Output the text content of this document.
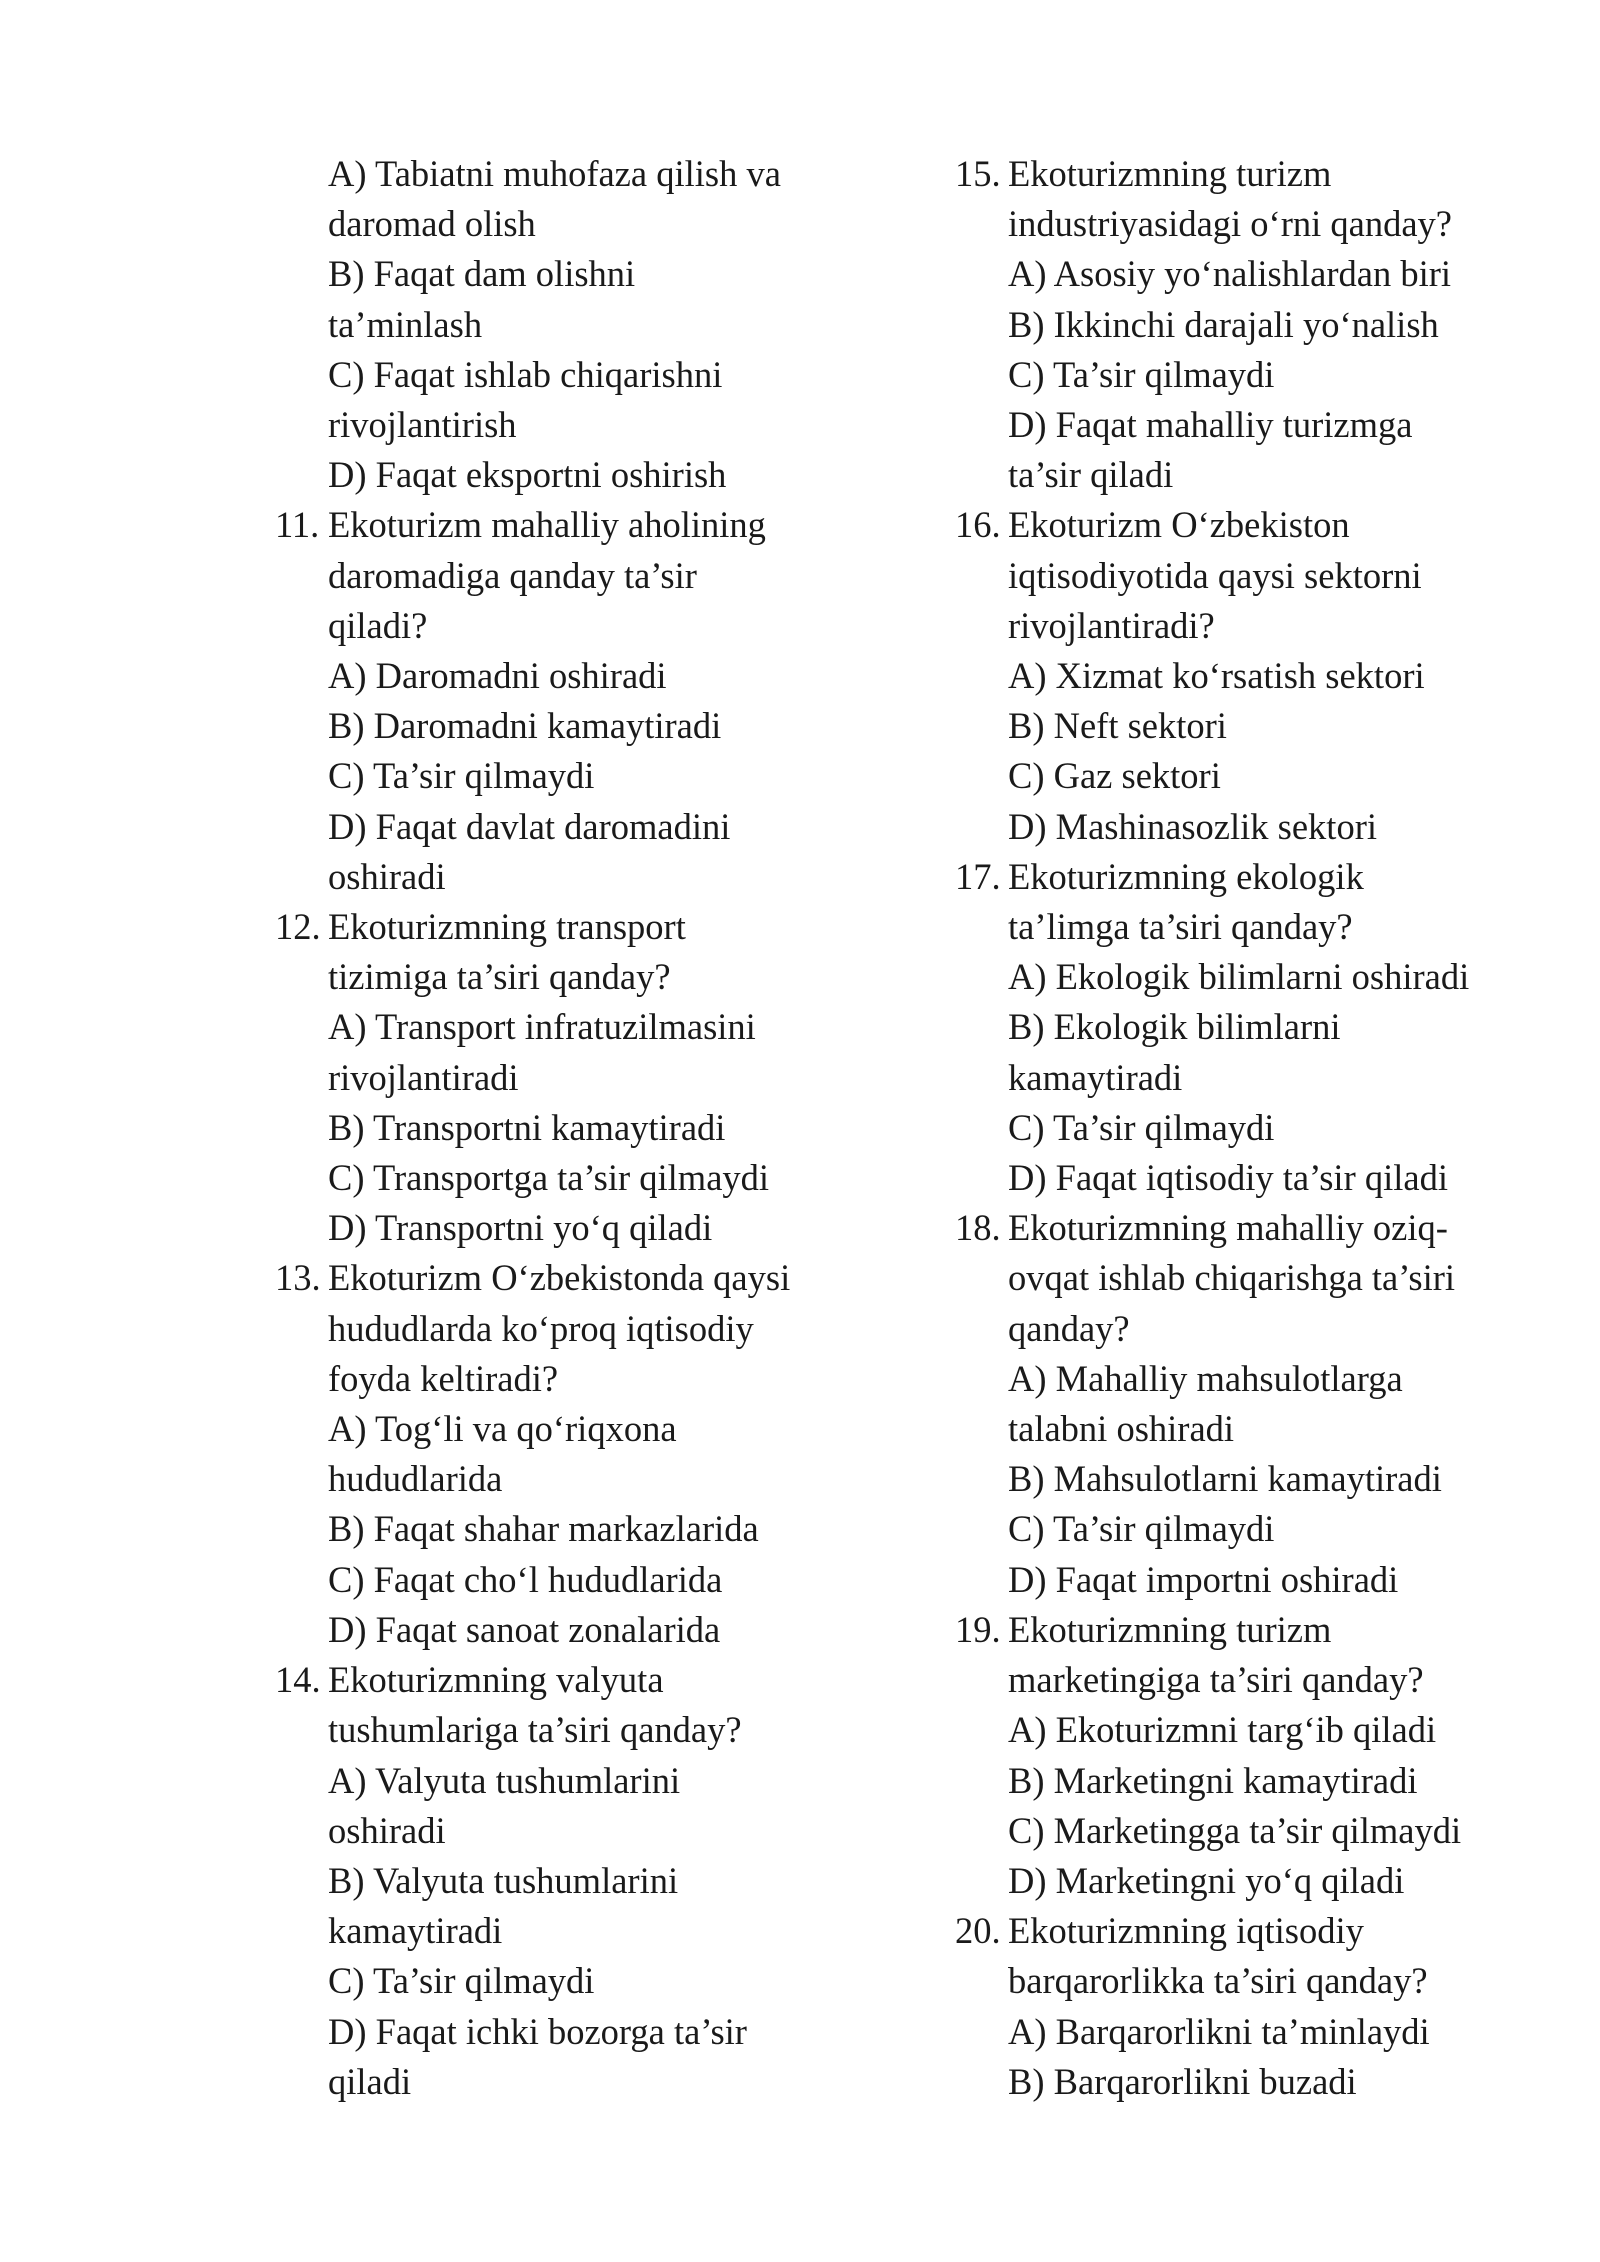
A) Tabiatni muhofaza qilish va
daromad olish
B) Faqat dam olishni
ta’minlash
C) Faqat ishlab chiqarishni
rivojlantirish
D) Faqat eksportni oshirish
11. Ekoturizm mahalliy aholining
daromadiga qanday ta’sir
qiladi?
A) Daromadni oshiradi
B) Daromadni kamaytiradi
C) Ta’sir qilmaydi
D) Faqat davlat daromadini
oshiradi
12. Ekoturizmning transport
tizimiga ta’siri qanday?
A) Transport infratuzilmasini
rivojlantiradi
B) Transportni kamaytiradi
C) Transportga ta’sir qilmaydi
D) Transportni yo‘q qiladi
13. Ekoturizm O‘zbekistonda qaysi
hududlarda ko‘proq iqtisodiy
foyda keltiradi?
A) Tog‘li va qo‘riqxona
hududlarida
B) Faqat shahar markazlarida
C) Faqat cho‘l hududlarida
D) Faqat sanoat zonalarida
14. Ekoturizmning valyuta
tushumlariga ta’siri qanday?
A) Valyuta tushumlarini
oshiradi
B) Valyuta tushumlarini
kamaytiradi
C) Ta’sir qilmaydi
D) Faqat ichki bozorga ta’sir
qiladi
15. Ekoturizmning turizm
industriyasidagi o‘rni qanday?
A) Asosiy yo‘nalishlardan biri
B) Ikkinchi darajali yo‘nalish
C) Ta’sir qilmaydi
D) Faqat mahalliy turizmga
ta’sir qiladi
16. Ekoturizm O‘zbekiston
iqtisodiyotida qaysi sektorni
rivojlantiradi?
A) Xizmat ko‘rsatish sektori
B) Neft sektori
C) Gaz sektori
D) Mashinasozlik sektori
17. Ekoturizmning ekologik
ta’limga ta’siri qanday?
A) Ekologik bilimlarni oshiradi
B) Ekologik bilimlarni
kamaytiradi
C) Ta’sir qilmaydi
D) Faqat iqtisodiy ta’sir qiladi
18. Ekoturizmning mahalliy oziq-
ovqat ishlab chiqarishga ta’siri
qanday?
A) Mahalliy mahsulotlarga
talabni oshiradi
B) Mahsulotlarni kamaytiradi
C) Ta’sir qilmaydi
D) Faqat importni oshiradi
19. Ekoturizmning turizm
marketingiga ta’siri qanday?
A) Ekoturizmni targ‘ib qiladi
B) Marketingni kamaytiradi
C) Marketingga ta’sir qilmaydi
D) Marketingni yo‘q qiladi
20. Ekoturizmning iqtisodiy
barqarorlikka ta’siri qanday?
A) Barqarorlikni ta’minlaydi
B) Barqarorlikni buzadi
